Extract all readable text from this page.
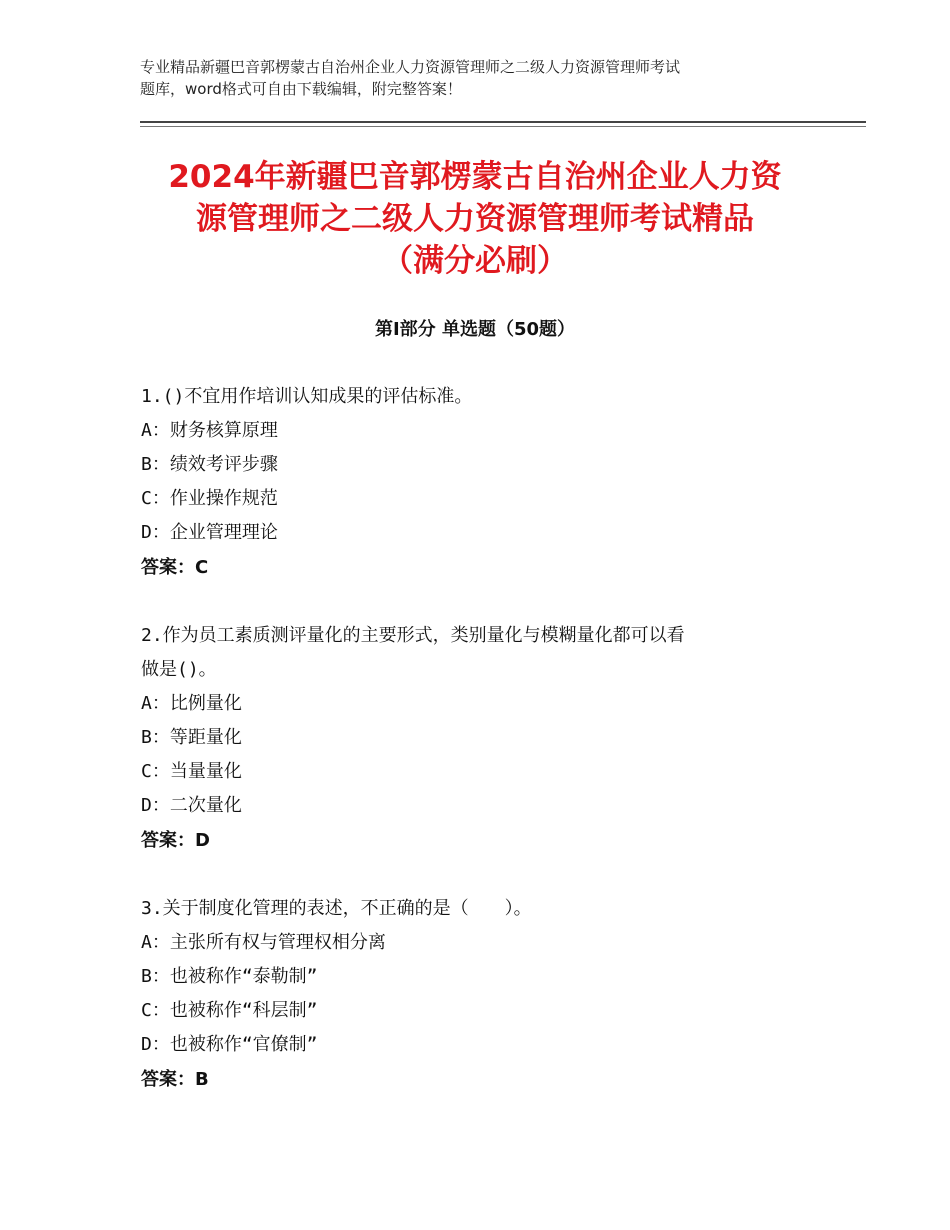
专业精品新疆巴音郭楞蒙古自治州企业人力资源管理师之二级人力资源管理师考试
题库，word格式可自由下载编辑，附完整答案！
2024年新疆巴音郭楞蒙古自治州企业人力资
源管理师之二级人力资源管理师考试精品
（满分必刷）
第Ⅰ部分 单选题（50题）
1.()不宜用作培训认知成果的评估标准。
A：财务核算原理
B：绩效考评步骤
C：作业操作规范
D：企业管理理论
答案：C
2.作为员工素质测评量化的主要形式，类别量化与模糊量化都可以看
做是()。
A：比例量化
B：等距量化
C：当量量化
D：二次量化
答案：D
3.关于制度化管理的表述，不正确的是（　　）。
A：主张所有权与管理权相分离
B：也被称作“泰勒制”
C：也被称作“科层制”
D：也被称作“官僚制”
答案：B
